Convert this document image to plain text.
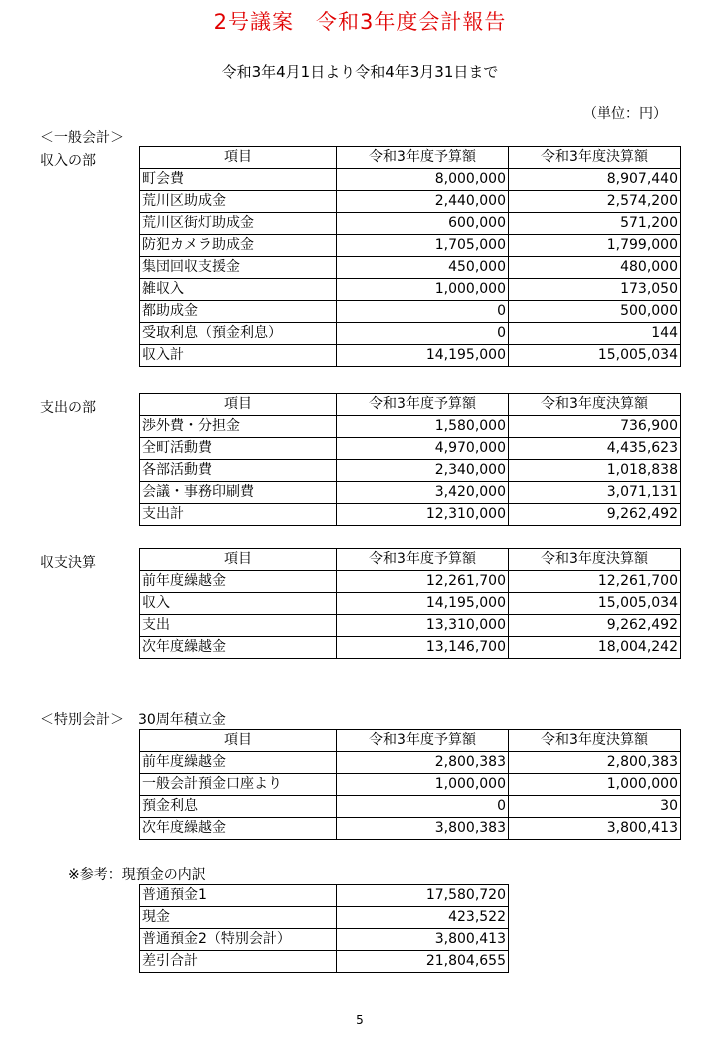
2号議案　令和3年度会計報告
令和3年4月1日より令和4年3月31日まで
（単位：円）
＜一般会計＞
収入の部	項目	令和3年度予算額	令和3年度決算額
町会費	8,000,000	8,907,440
荒川区助成金	2,440,000	2,574,200
荒川区街灯助成金	600,000	571,200
防犯カメラ助成金	1,705,000	1,799,000
集団回収支援金	450,000	480,000
雑収入	1,000,000	173,050
都助成金	0	500,000
受取利息（預金利息）	0	144
収入計	14,195,000	15,005,034
支出の部	項目	令和3年度予算額	令和3年度決算額
渉外費・分担金	1,580,000	736,900
全町活動費	4,970,000	4,435,623
各部活動費	2,340,000	1,018,838
会議・事務印刷費	3,420,000	3,071,131
支出計	12,310,000	9,262,492
収支決算	項目	令和3年度予算額	令和3年度決算額
前年度繰越金	12,261,700	12,261,700
収入	14,195,000	15,005,034
支出	13,310,000	9,262,492
次年度繰越金	13,146,700	18,004,242
＜特別会計＞　30周年積立金
項目	令和3年度予算額	令和3年度決算額
前年度繰越金	2,800,383	2,800,383
一般会計預金口座より	1,000,000	1,000,000
預金利息	0	30
次年度繰越金	3,800,383	3,800,413
※参考：現預金の内訳
普通預金1	17,580,720
現金	423,522
普通預金2（特別会計）	3,800,413
差引合計	21,804,655
5
